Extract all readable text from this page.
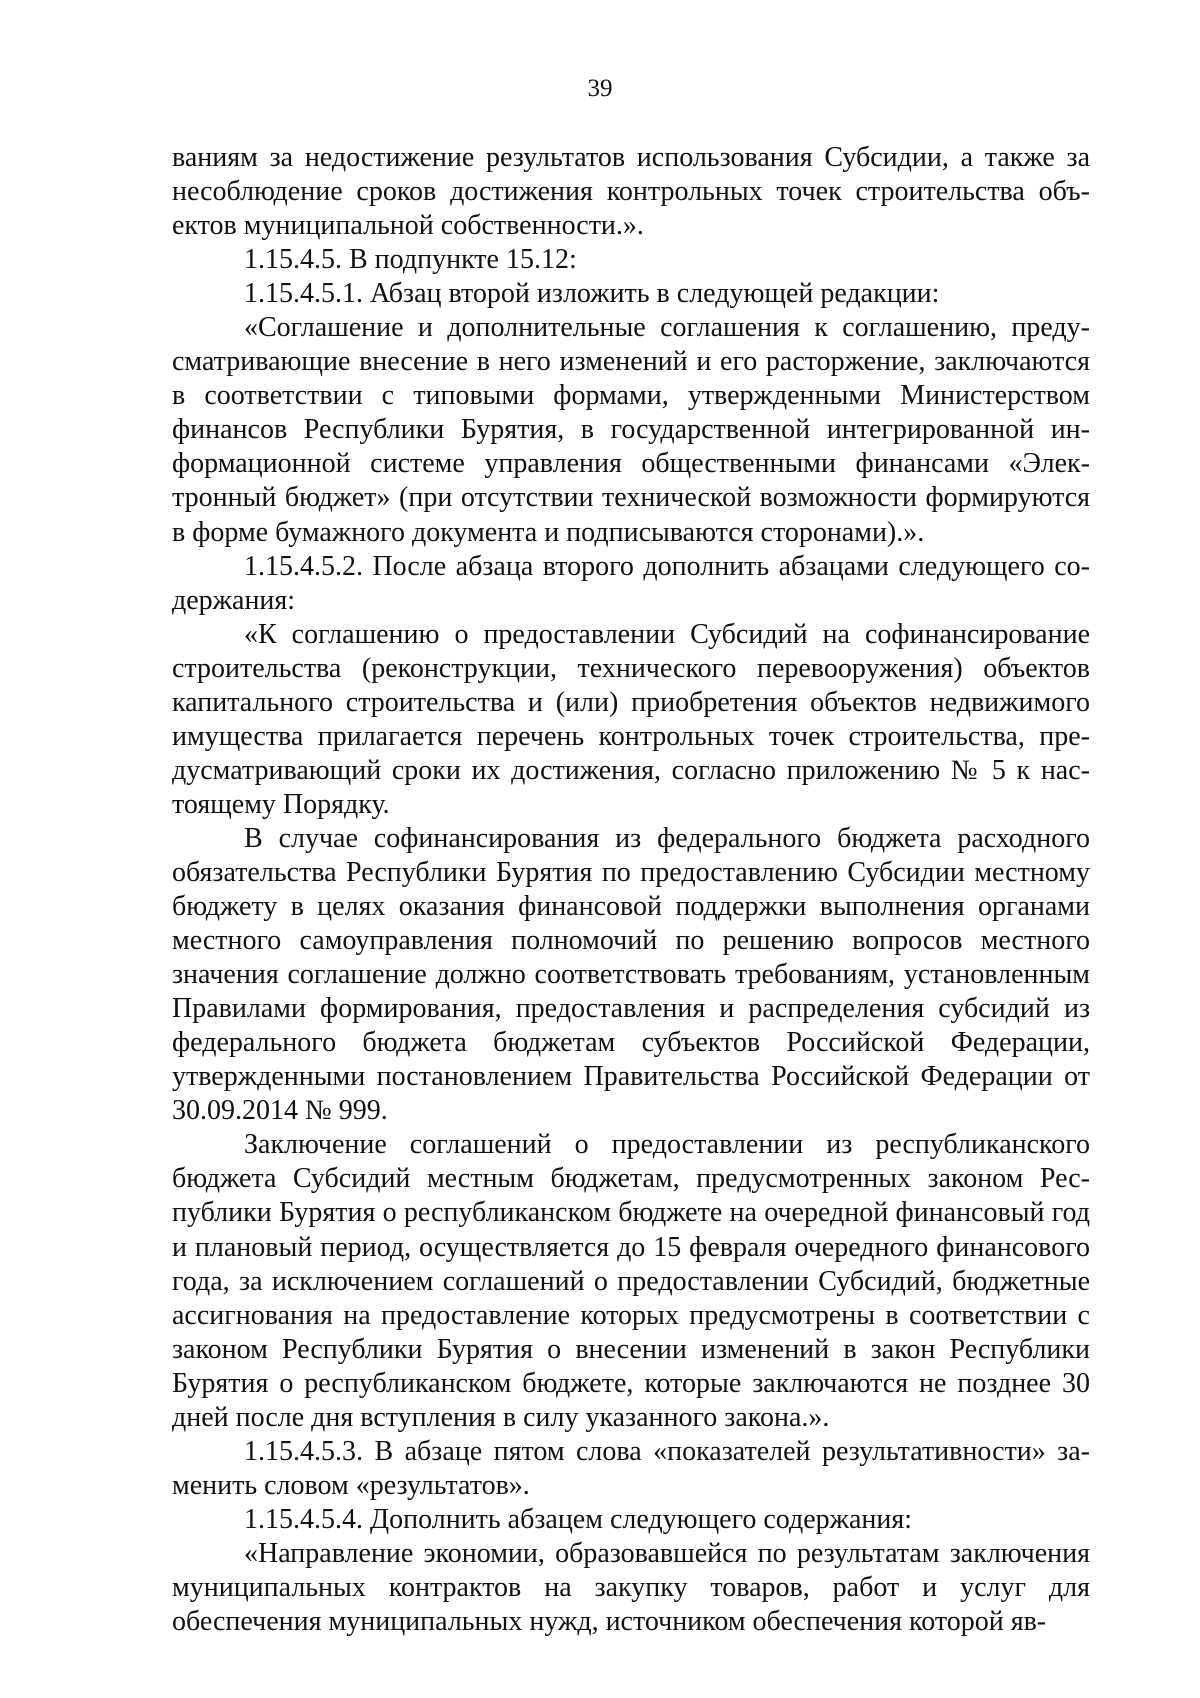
39

ваниям за недостижение результатов использования Субсидии, а также за несоблюдение сроков достижения контрольных точек строительства объектов муниципальной собственности.».

1.15.4.5. В подпункте 15.12:

1.15.4.5.1. Абзац второй изложить в следующей редакции:

«Соглашение и дополнительные соглашения к соглашению, предусматривающие внесение в него изменений и его расторжение, заключаются в соответствии с типовыми формами, утвержденными Министерством финансов Республики Бурятия, в государственной интегрированной информационной системе управления общественными финансами «Электронный бюджет» (при отсутствии технической возможности формируются в форме бумажного документа и подписываются сторонами).».

1.15.4.5.2. После абзаца второго дополнить абзацами следующего содержания:

«К соглашению о предоставлении Субсидий на софинансирование строительства (реконструкции, технического перевооружения) объектов капитального строительства и (или) приобретения объектов недвижимого имущества прилагается перечень контрольных точек строительства, предусматривающий сроки их достижения, согласно приложению № 5 к настоящему Порядку.

В случае софинансирования из федерального бюджета расходного обязательства Республики Бурятия по предоставлению Субсидии местному бюджету в целях оказания финансовой поддержки выполнения органами местного самоуправления полномочий по решению вопросов местного значения соглашение должно соответствовать требованиям, установленным Правилами формирования, предоставления и распределения субсидий из федерального бюджета бюджетам субъектов Российской Федерации, утвержденными постановлением Правительства Российской Федерации от 30.09.2014 № 999.

Заключение соглашений о предоставлении из республиканского бюджета Субсидий местным бюджетам, предусмотренных законом Республики Бурятия о республиканском бюджете на очередной финансовый год и плановый период, осуществляется до 15 февраля очередного финансового года, за исключением соглашений о предоставлении Субсидий, бюджетные ассигнования на предоставление которых предусмотрены в соответствии с законом Республики Бурятия о внесении изменений в закон Республики Бурятия о республиканском бюджете, которые заключаются не позднее 30 дней после дня вступления в силу указанного закона.».

1.15.4.5.3. В абзаце пятом слова «показателей результативности» заменить словом «результатов».

1.15.4.5.4. Дополнить абзацем следующего содержания:

«Направление экономии, образовавшейся по результатам заключения муниципальных контрактов на закупку товаров, работ и услуг для обеспечения муниципальных нужд, источником обеспечения которой яв-
